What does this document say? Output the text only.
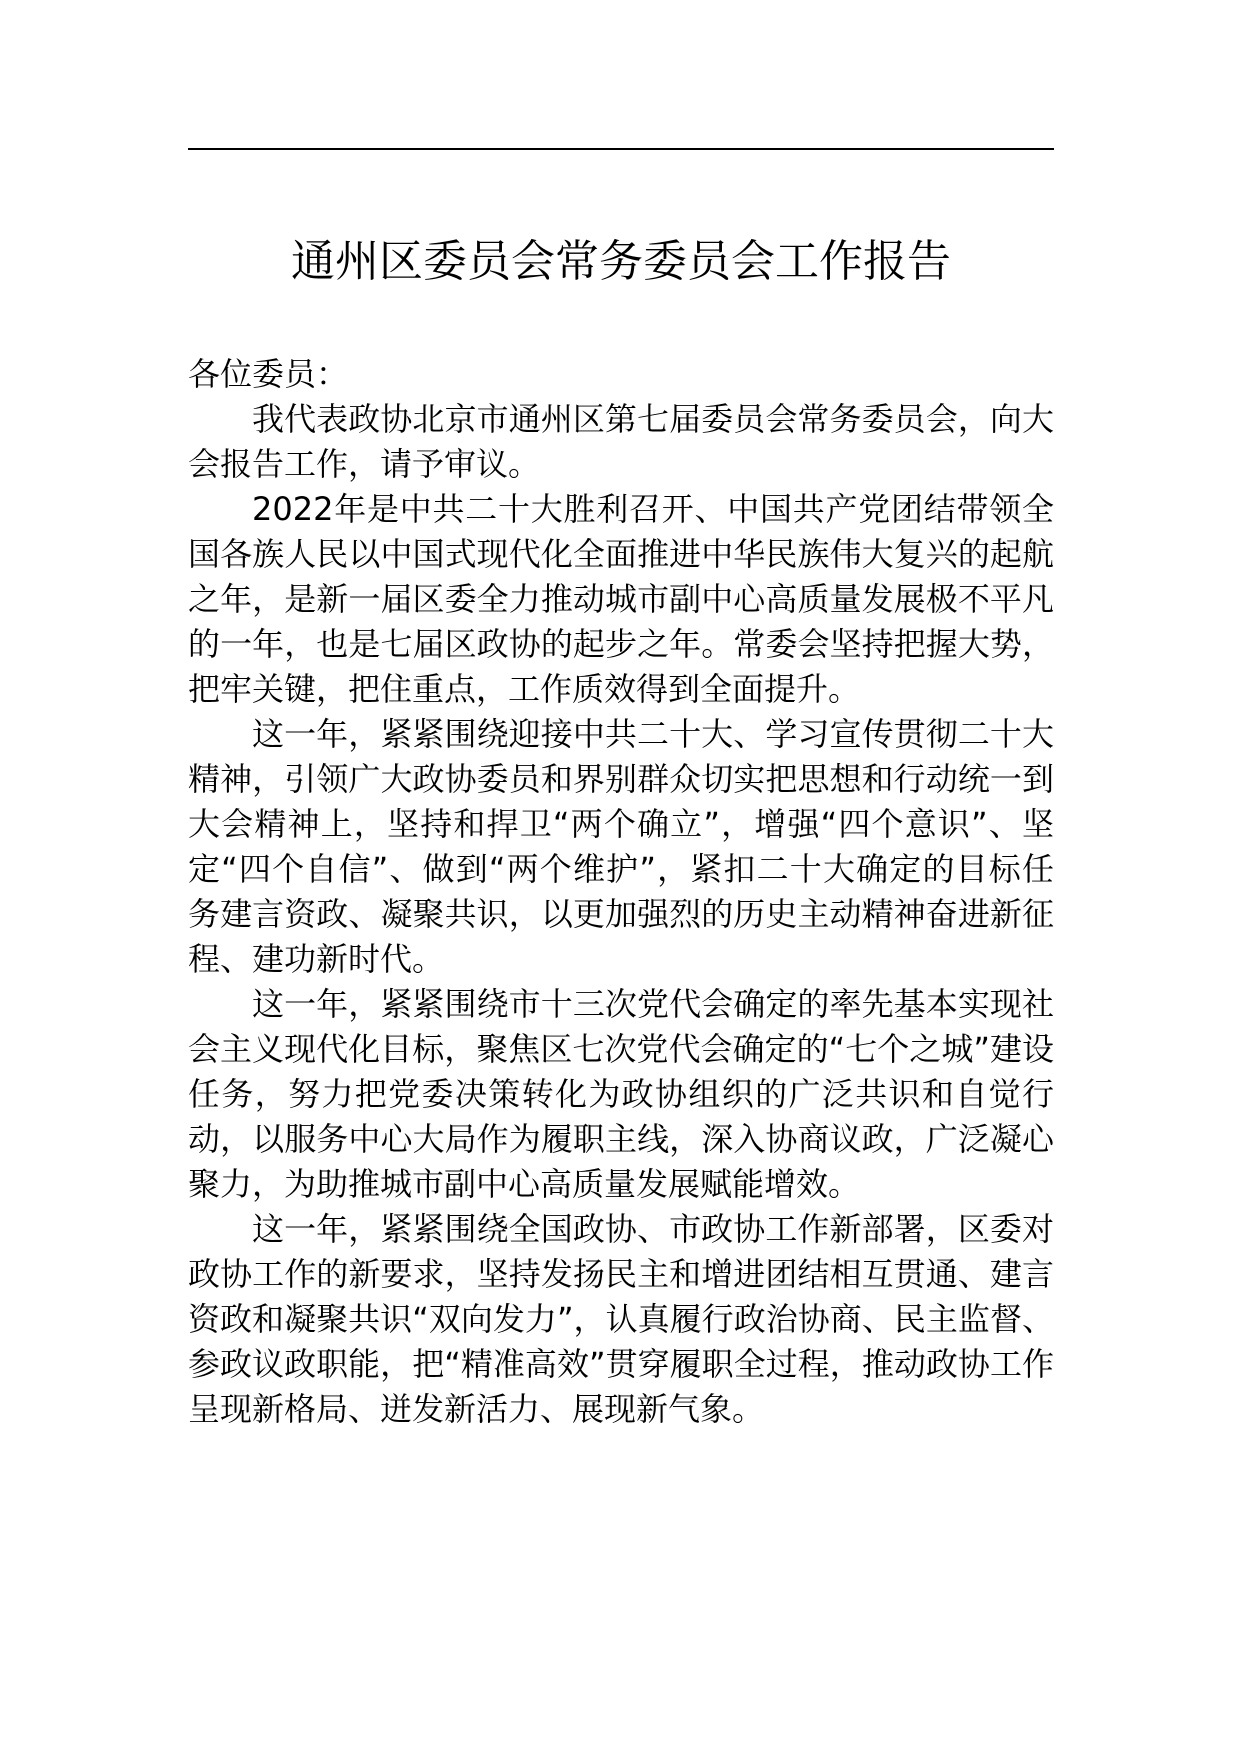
通州区委员会常务委员会工作报告

各位委员：

我代表政协北京市通州区第七届委员会常务委员会，向大会报告工作，请予审议。

2022年是中共二十大胜利召开、中国共产党团结带领全国各族人民以中国式现代化全面推进中华民族伟大复兴的起航之年，是新一届区委全力推动城市副中心高质量发展极不平凡的一年，也是七届区政协的起步之年。常委会坚持把握大势，把牢关键，把住重点，工作质效得到全面提升。

这一年，紧紧围绕迎接中共二十大、学习宣传贯彻二十大精神，引领广大政协委员和界别群众切实把思想和行动统一到大会精神上，坚持和捍卫“两个确立”，增强“四个意识”、坚定“四个自信”、做到“两个维护”，紧扣二十大确定的目标任务建言资政、凝聚共识，以更加强烈的历史主动精神奋进新征程、建功新时代。

这一年，紧紧围绕市十三次党代会确定的率先基本实现社会主义现代化目标，聚焦区七次党代会确定的“七个之城”建设任务，努力把党委决策转化为政协组织的广泛共识和自觉行动，以服务中心大局作为履职主线，深入协商议政，广泛凝心聚力，为助推城市副中心高质量发展赋能增效。

这一年，紧紧围绕全国政协、市政协工作新部署，区委对政协工作的新要求，坚持发扬民主和增进团结相互贯通、建言资政和凝聚共识“双向发力”，认真履行政治协商、民主监督、参政议政职能，把“精准高效”贯穿履职全过程，推动政协工作呈现新格局、迸发新活力、展现新气象。
